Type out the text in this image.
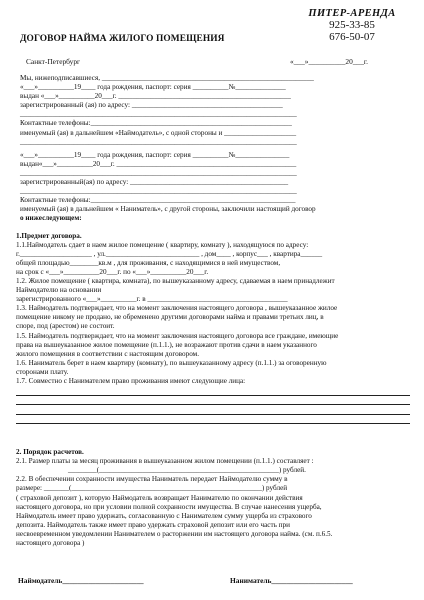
ДОГОВОР НАЙМА ЖИЛОГО ПОМЕЩЕНИЯ
ПИТЕР-АРЕНДА
925-33-85
676-50-07
Санкт-Петербург	«___»__________20___г.
Мы, нижеподписавшиеся, ___________________________________________________________
«___»__________19____ года рождения, паспорт: серия __________№______________
выдан «___»__________20___г. ________________________________________________
зарегистрированный (ая) по адресу: __________________________________________
_____________________________________________________________________________
Контактные телефоны:________________________________________________________
именуемый (ая) в дальнейшем «Наймодатель», с одной стороны и ____________________
_____________________________________________________________________________
«___»__________19____ года рождения, паспорт: серия __________№_______________
выдан«___»__________20___г. __________________________________________________
_____________________________________________________________________________
зарегистрированный(ая) по адресу: ____________________________________________
_____________________________________________________________________________
Контактные телефоны:_________________________________________________________
именуемый (ая) в дальнейшем « Наниматель», с другой стороны, заключили настоящий договор
о нижеследующем:
1.Предмет договора.
1.1.Наймодатель сдает в наем жилое помещение ( квартиру, комнату ), находящуюся по адресу:
г.____________________ , ул.__________________________ , дом____ , корпус___ , квартира______
общей площадью________кв.м , для проживания, с находящимися в ней имуществом,
на срок с «___»__________20___г. по «___»__________20___г.
1.2. Жилое помещение ( квартира, комната), по вышеуказанному адресу, сдаваемая в наем принадлежит
Наймодателю на основании
зарегистрированного «___»__________г. в _______________________________________
1.3. Наймодатель подтверждает, что на момент заключения настоящего договора , вышеуказанное жилое
помещение никому не продано, не обременено другими договорами найма и правами третьих лиц, в
споре, под (арестом) не состоит.
1.5. Наймодатель подтверждает, что на момент заключения настоящего договора все граждане, имеющие
права на вышеуказанное жилое помещение (п.1.1.), не возражают против сдачи в наем указанного
жилого помещения в соответствии с настоящим договором.
1.6. Наниматель берет в наем квартиру (комнату), по вышеуказанному адресу (п.1.1.) за оговоренную
сторонами плату.
1.7. Совместно с Нанимателем право проживания имеют следующие лица:
2. Порядок расчетов.
2.1. Размер платы за месяц проживания в вышеуказанном жилом помещении (п.1.1.) составляет :
________(__________________________________________________) рублей.
2.2. В обеспечении сохранности имущества Наниматель передает Наймодателю сумму в
размере: _______(_____________________________________________________) рублей
( страховой депозит ), которую Наймодатель возвращает Нанимателю по окончании действия
настоящего договора, но при условии полной сохранности имущества. В случае нанесения ущерба,
Наймодатель имеет право удержать, согласованную с Нанимателем сумму ущерба из страхового
депозита. Наймодатель также имеет право удержать страховой депозит или его часть при
несвоевременном уведомлении Нанимателем о расторжении им настоящего договора найма. (см. п.6.5.
настоящего договора )
Наймодатель______________________	Наниматель______________________
